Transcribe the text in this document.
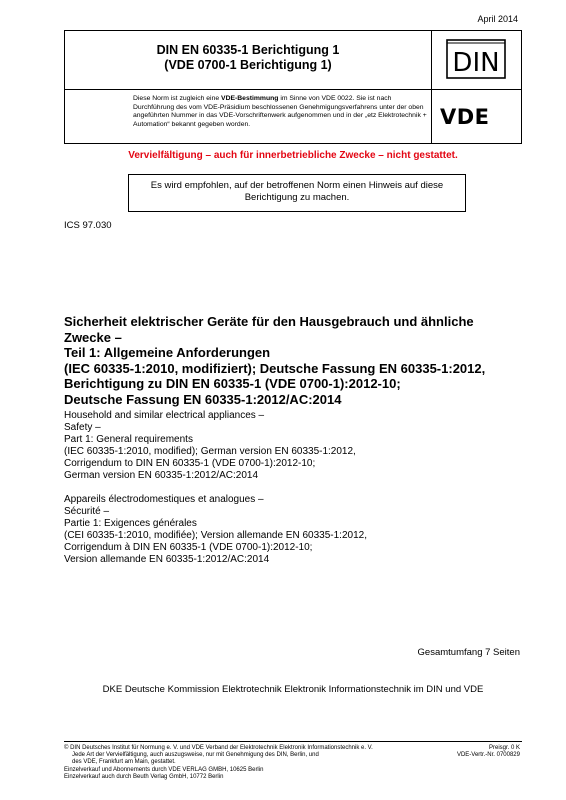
April 2014
DIN EN 60335-1 Berichtigung 1
(VDE 0700-1 Berichtigung 1)	DIN
Diese Norm ist zugleich eine VDE-Bestimmung im Sinne von VDE 0022. Sie ist nach Durchführung des vom VDE-Präsidium beschlossenen Genehmigungsverfahrens unter der oben angeführten Nummer in das VDE-Vorschriftenwerk aufgenommen und in der „etz Elektrotechnik + Automation“ bekannt gegeben worden.	VDE
Vervielfältigung – auch für innerbetriebliche Zwecke – nicht gestattet.
Es wird empfohlen, auf der betroffenen Norm einen Hinweis auf diese
Berichtigung zu machen.
ICS 97.030
Sicherheit elektrischer Geräte für den Hausgebrauch und ähnliche
Zwecke –
Teil 1: Allgemeine Anforderungen
(IEC 60335-1:2010, modifiziert); Deutsche Fassung EN 60335-1:2012,
Berichtigung zu DIN EN 60335-1 (VDE 0700-1):2012-10;
Deutsche Fassung EN 60335-1:2012/AC:2014
Household and similar electrical appliances –
Safety –
Part 1: General requirements
(IEC 60335-1:2010, modified); German version EN 60335-1:2012,
Corrigendum to DIN EN 60335-1 (VDE 0700-1):2012-10;
German version EN 60335-1:2012/AC:2014
Appareils électrodomestiques et analogues –
Sécurité –
Partie 1: Exigences générales
(CEI 60335-1:2010, modifiée); Version allemande EN 60335-1:2012,
Corrigendum à DIN EN 60335-1 (VDE 0700-1):2012-10;
Version allemande EN 60335-1:2012/AC:2014
Gesamtumfang 7 Seiten
DKE Deutsche Kommission Elektrotechnik Elektronik Informationstechnik im DIN und VDE
© DIN Deutsches Institut für Normung e. V. und VDE Verband der Elektrotechnik Elektronik Informationstechnik e. V.
Jede Art der Vervielfältigung, auch auszugsweise, nur mit Genehmigung des DIN, Berlin, und
des VDE, Frankfurt am Main, gestattet.
Einzelverkauf und Abonnements durch VDE VERLAG GMBH, 10625 Berlin
Einzelverkauf auch durch Beuth Verlag GmbH, 10772 Berlin
Preisgr. 0 K
VDE-Vertr.-Nr. 0700829
